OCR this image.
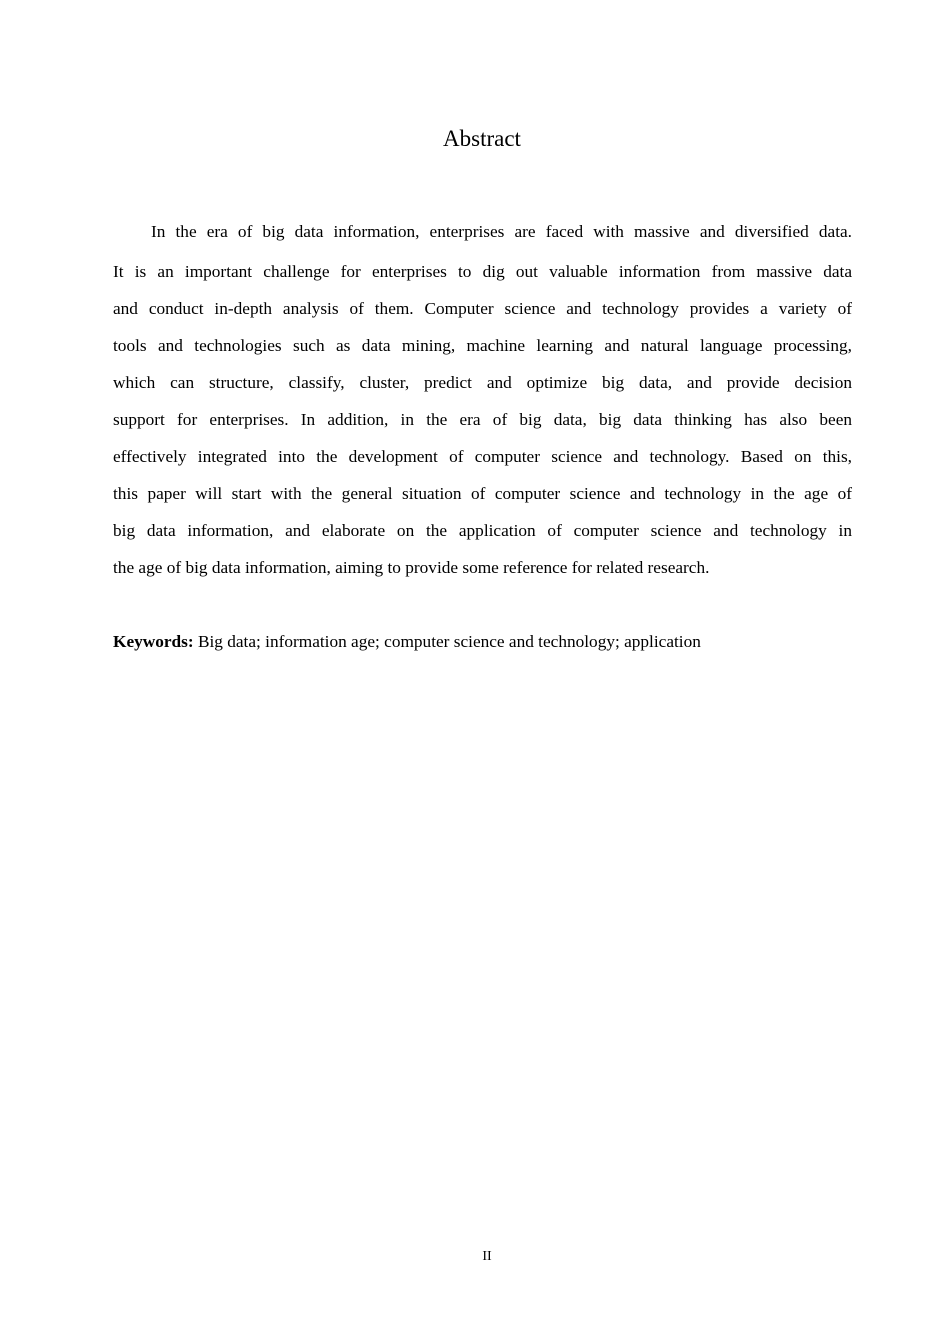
Abstract
In the era of big data information, enterprises are faced with massive and diversified data.
It is an important challenge for enterprises to dig out valuable information from massive data
and conduct in-depth analysis of them. Computer science and technology provides a variety of
tools and technologies such as data mining, machine learning and natural language processing,
which can structure, classify, cluster, predict and optimize big data, and provide decision
support for enterprises. In addition, in the era of big data, big data thinking has also been
effectively integrated into the development of computer science and technology. Based on this,
this paper will start with the general situation of computer science and technology in the age of
big data information, and elaborate on the application of computer science and technology in
the age of big data information, aiming to provide some reference for related research.
Keywords: Big data; information age; computer science and technology; application
II
